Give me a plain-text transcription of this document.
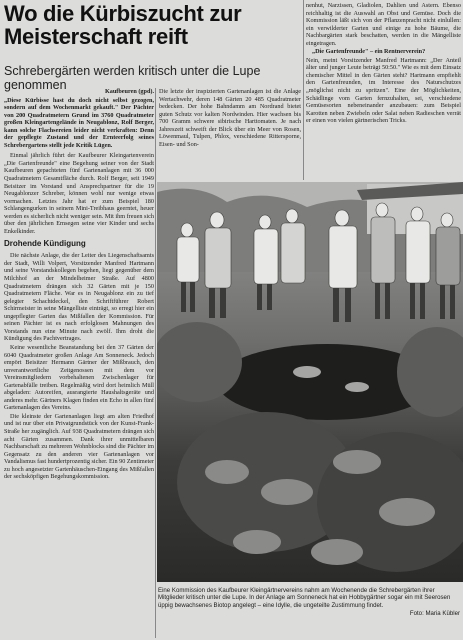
Wo die Kürbiszucht zur
Meisterschaft reift
Schrebergärten werden kritisch unter die Lupe genommen	Kaufbeuren (gpd).

„Diese Kürbisse hast du doch nicht selbst gezogen, sondern auf dem Wochenmarkt gekauft." Der Pächter von 200 Quadratmetern Grund im 3760 Quadratmeter großen Kleingartengelände in Neugablonz, Rolf Berger, kann solche Flachsereien leider nicht verkraften: Denn der gepflegte Zustand und der Ernteerfolg seines Schrebergartens stellt jede Kritik Lügen.

Einmal jährlich führt der Kaufbeurer Kleingartenverein „Die Gartenfreunde" eine Begehung seiner von der Stadt Kaufbeuren gepachteten fünf Gartenanlagen mit 36 000 Quadratmetern Gesamtfläche durch. Rolf Berger, seit 1949 Beisitzer im Vorstand und Ansprechpartner für die 19 Neugablonzer Schreber, können wohl nur wenige etwas vormachen. Letztes Jahr hat er zum Beispiel 180 Schlangengurken in seinem Mini-Treibhaus geerntet, heuer werden es sicherlich nicht weniger sein. Mit ihm freuen sich über den jährlichen Ernsegen seine vier Kinder und sechs Enkelkinder.

Drohende Kündigung

Die nächste Anlage, die der Leiter des Liegenschaftsamts der Stadt, Willi Volpert, Vorsitzender Manfred Hartmann und seine Vorstandskollegen begehen, liegt gegenüber dem Milchhof an der Mindelheimer Straße. Auf 4800 Quadratmetern drängen sich 32 Gärten mit je 150 Quadratmetern Fläche. War es in Neugablonz ein zu tief gelegter Schachtdeckel, den Schriftführer Robert Schirmeister in seine Mängelliste einträgt, so erregt hier ein ungepflegter Garten das Mißfallen der Kommission. Für seinen Pächter ist es nach erfolglosen Mahnungen des Vorstands nun eine Minute nach zwölf. Ihm droht die Kündigung des Pachtvertrages.

Keine wesentliche Beanstandung bei den 37 Gärten der 6040 Quadratmeter großen Anlage Am Sonneneck. Jedoch empört Beisitzer Hermann Gärtner der Mißbrauch, den unverantwortliche Zeitgenossen mit dem vor Vereinsmitgliedern vorbehaltenen Zwischenlager für Gartenabfälle treiben. Regelmäßig wird dort heimlich Müll abgeladen: Autoreifen, ausrangierte Haushaltsgeräte und anderes mehr. Gärtners Klagen finden ein Echo in allen fünf Gartenanlagen des Vereins.

Die kleinste der Gartenanlagen liegt am alten Friedhof und ist nur über ein Privatgrundstück von der Kunst-Frank-Straße her zugänglich. Auf 938 Quadratmetern drängen sich acht Gärten zusammen. Dank ihrer unmittelbaren Nachbarschaft zu mehreren Wohnblocks sind die Pächter im Gegensatz zu den anderen vier Gartenanlagen vor Vandalismus fast hundertprozentig sicher. Ein 90 Zentimeter zu hoch angesetzter Gartenhäuschen-Eingang des Mißfallen der sechsköpfigen Begehungskommission.

Die letzte der inspizierten Gartenanlagen ist die Anlage Wertachwehr, deren 148 Gärten 20 485 Quadratmeter bedecken. Der hohe Bahndamm am Nordrand bietet guten Schutz vor kalten Nordwinden. Hier wachsen bis 700 Gramm schwere sibirische Harttomaten. Je nach Jahreszeit schweift der Blick über ein Meer von Rosen, Löwenmaul, Tulpen, Phlox, verschiedene Rittersporne, Eisen- und Son-

nenhut, Narzissen, Gladiolen, Dahlien und Astern. Ebenso reichhaltig ist die Auswahl an Obst und Gemüse. Doch die Kommission läßt sich von der Pflanzenpracht nicht einlullen: ein verwilderter Garten und einige zu hohe Bäume, die Nachbargärten stark beschatten, werden in die Mängelliste eingetragen.

„Die Gartenfreunde" – ein Rentnerverein?

Nein, meint Vorsitzender Manfred Hartmann: „Der Anteil älter und junger Leute beträgt 50:50." Wie es mit dem Einsatz chemischer Mittel in den Gärten steht? Hartmann empfiehlt den Gartenfreunden, im Interesse des Naturschutzes „möglichst nicht zu spritzen". Eine der Möglichkeiten, Schädlinge vom Garten fernzuhalten, sei, verschiedene Gemüsesorten nebeneinander anzubauen: zum Beispiel Karotten neben Zwiebeln oder Salat neben Radieschen verrät er einen von vielen gärtnerischen Tricks.

Eine Kommission des Kaufbeurer Kleingärtnervereins nahm am Wochenende die Schrebergärten ihrer Mitglieder kritisch unter die Lupe. In der Anlage am Sonneneck hat ein Hobbygärtner sogar ein mit Seerosen üppig bewachsenes Biotop angelegt – eine Idylle, die ungeteilte Zustimmung findet.
Foto: Maria Kübler
